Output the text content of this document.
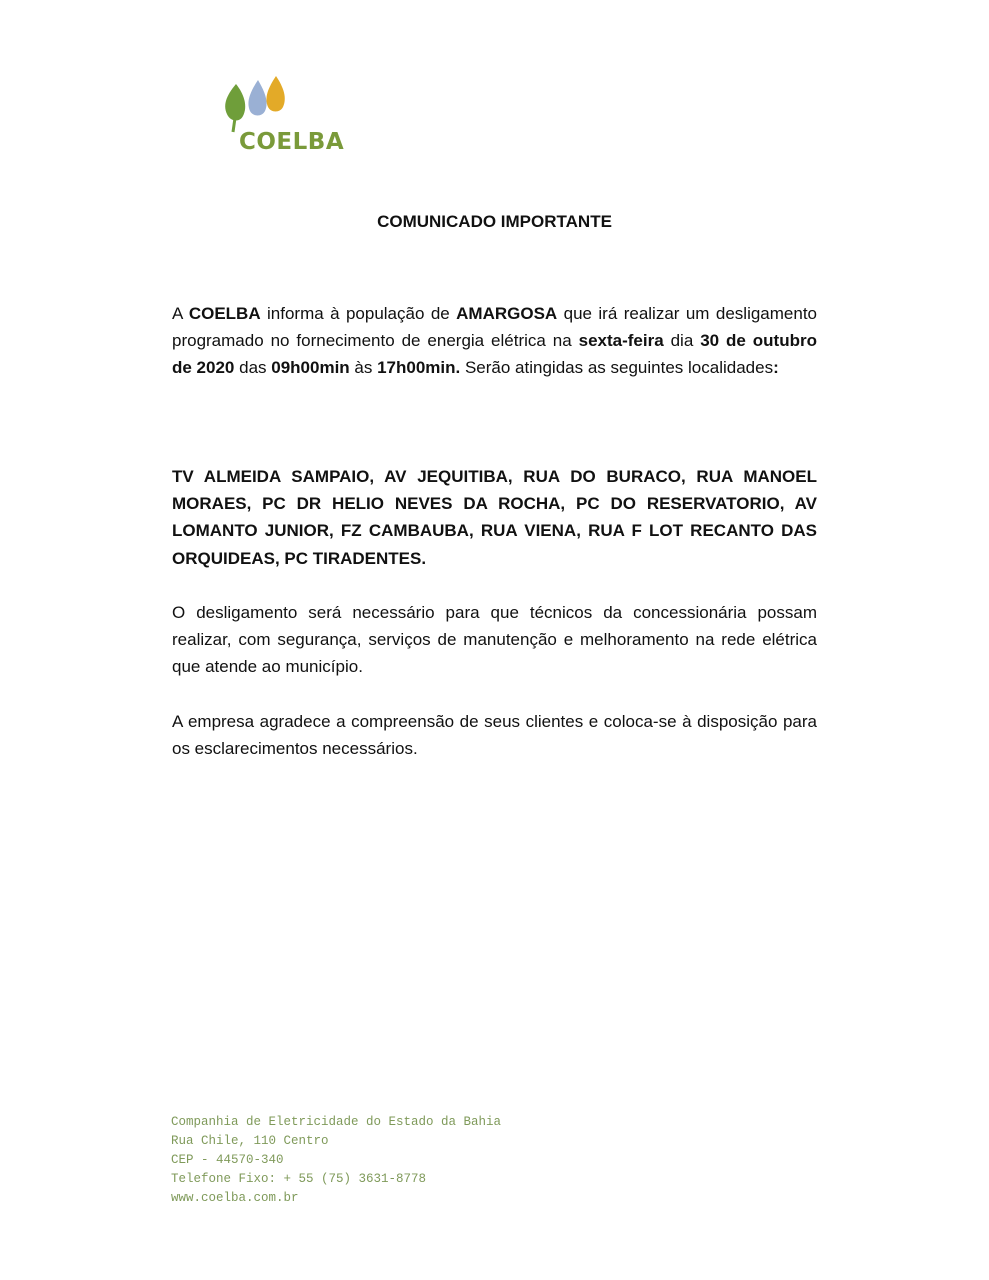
COELBA
COMUNICADO IMPORTANTE
A COELBA informa à população de AMARGOSA que irá realizar um desligamento programado no fornecimento de energia elétrica na sexta-feira dia 30 de outubro de 2020 das 09h00min às 17h00min. Serão atingidas as seguintes localidades:
TV ALMEIDA SAMPAIO, AV JEQUITIBA, RUA DO BURACO, RUA MANOEL MORAES, PC DR HELIO NEVES DA ROCHA, PC DO RESERVATORIO, AV LOMANTO JUNIOR, FZ CAMBAUBA, RUA VIENA, RUA F LOT RECANTO DAS ORQUIDEAS, PC TIRADENTES.
O desligamento será necessário para que técnicos da concessionária possam realizar, com segurança, serviços de manutenção e melhoramento na rede elétrica que atende ao município.
A empresa agradece a compreensão de seus clientes e coloca-se à disposição para os esclarecimentos necessários.
Companhia de Eletricidade do Estado da Bahia
Rua Chile, 110 Centro
CEP - 44570-340
Telefone Fixo: + 55 (75) 3631-8778
www.coelba.com.br
